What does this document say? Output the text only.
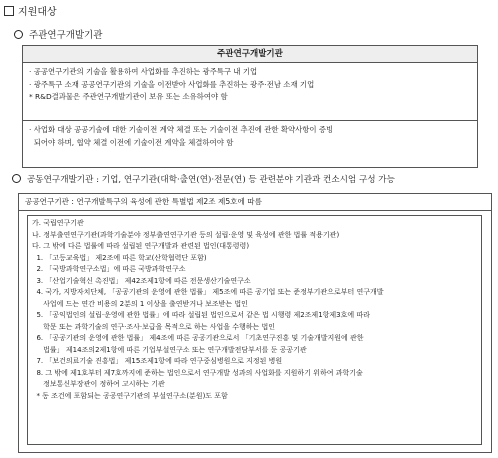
지원대상
주관연구개발기관
주관연구개발기관
· 공공연구기관의 기술을 활용하여 사업화를 추진하는 광주특구 내 기업
· 광주특구 소재 공공연구기관의 기술을 이전받아 사업화를 추진하는 광주·전남 소재 기업
* R&D결과물은 주관연구개발기관이 보유 또는 소유하여야 함
· 사업화 대상 공공기술에 대한 기술이전 계약 체결 또는 기술이전 추진에 관한 확약사항이 증빙
되어야 하며, 협약 체결 이전에 기술이전 계약을 체결하여야 함
공동연구개발기관 : 기업, 연구기관(대학·출연(연)·전문(연) 등 관련분야 기관과 컨소시엄 구성 가능
공공연구기관 : 연구개발특구의 육성에 관한 특별법 제2조 제5호에 따름
가. 국립연구기관
나. 정부출연연구기관(과학기술분야 정부출연연구기관 등의 설립·운영 및 육성에 관한 법률 적용기관)
다. 그 밖에 다른 법률에 따라 설립된 연구개발과 관련된 법인(대통령령)
1. 「고등교육법」 제2조에 따른 학교(산학협력단 포함)
2. 「국방과학연구소법」에 따른 국방과학연구소
3. 「산업기술혁신 촉진법」 제42조제1항에 따른 전문생산기술연구소
4. 국가, 지방자치단체, 「공공기관의 운영에 관한 법률」 제5조에 따른 공기업 또는 준정부기관으로부터 연구개발
사업에 드는 연간 비용의 2분의 1 이상을 출연받거나 보조받는 법인
5. 「공익법인의 설립·운영에 관한 법률」에 따라 설립된 법인으로서 같은 법 시행령 제2조제1항제3호에 따라
학문 또는 과학기술의 연구·조사·보급을 목적으로 하는 사업을 수행하는 법인
6. 「공공기관의 운영에 관한 법률」 제4조에 따른 공공기관으로서 「기초연구진흥 및 기술개발지원에 관한
법률」 제14조의2제1항에 따른 기업부설연구소 또는 연구개발전담부서를 둔 공공기관
7. 「보건의료기술 진흥법」 제15조제1항에 따라 연구중심병원으로 지정된 병원
8. 그 밖에 제1호부터 제7호까지에 준하는 법인으로서 연구개발 성과의 사업화를 지원하기 위하여 과학기술
정보통신부장관이 정하여 고시하는 기관
* 동 조건에 포함되는 공공연구기관의 부설연구소(분원)도 포함
